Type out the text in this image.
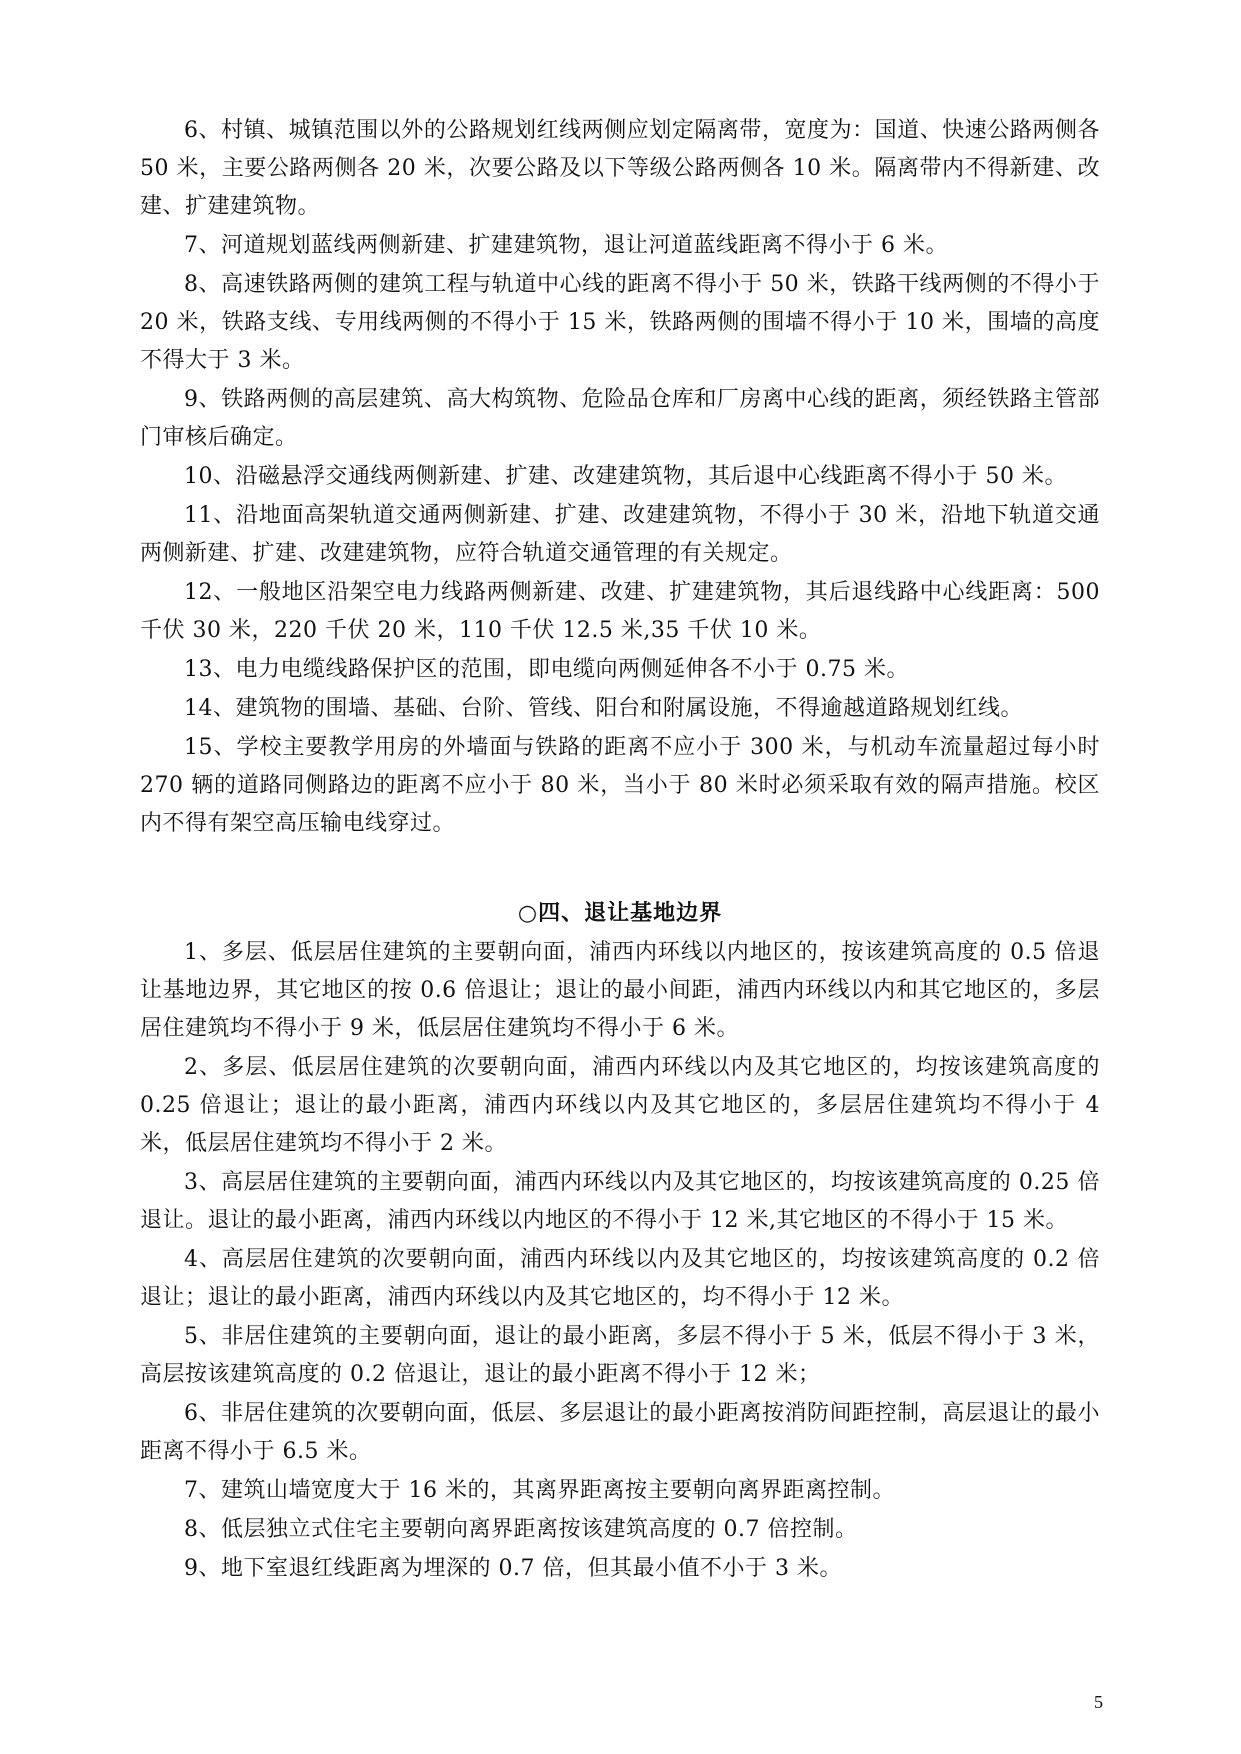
6、村镇、城镇范围以外的公路规划红线两侧应划定隔离带，宽度为：国道、快速公路两侧各 50 米，主要公路两侧各 20 米，次要公路及以下等级公路两侧各 10 米。隔离带内不得新建、改建、扩建建筑物。

7、河道规划蓝线两侧新建、扩建建筑物，退让河道蓝线距离不得小于 6 米。

8、高速铁路两侧的建筑工程与轨道中心线的距离不得小于 50 米，铁路干线两侧的不得小于 20 米，铁路支线、专用线两侧的不得小于 15 米，铁路两侧的围墙不得小于 10 米，围墙的高度不得大于 3 米。

9、铁路两侧的高层建筑、高大构筑物、危险品仓库和厂房离中心线的距离，须经铁路主管部门审核后确定。

10、沿磁悬浮交通线两侧新建、扩建、改建建筑物，其后退中心线距离不得小于 50 米。

11、沿地面高架轨道交通两侧新建、扩建、改建建筑物，不得小于 30 米，沿地下轨道交通两侧新建、扩建、改建建筑物，应符合轨道交通管理的有关规定。

12、一般地区沿架空电力线路两侧新建、改建、扩建建筑物，其后退线路中心线距离：500 千伏 30 米，220 千伏 20 米，110 千伏 12.5 米,35 千伏 10 米。

13、电力电缆线路保护区的范围，即电缆向两侧延伸各不小于 0.75 米。

14、建筑物的围墙、基础、台阶、管线、阳台和附属设施，不得逾越道路规划红线。

15、学校主要教学用房的外墙面与铁路的距离不应小于 300 米，与机动车流量超过每小时 270 辆的道路同侧路边的距离不应小于 80 米，当小于 80 米时必须采取有效的隔声措施。校区内不得有架空高压输电线穿过。

○四、退让基地边界

1、多层、低层居住建筑的主要朝向面，浦西内环线以内地区的，按该建筑高度的 0.5 倍退让基地边界，其它地区的按 0.6 倍退让；退让的最小间距，浦西内环线以内和其它地区的，多层居住建筑均不得小于 9 米，低层居住建筑均不得小于 6 米。

2、多层、低层居住建筑的次要朝向面，浦西内环线以内及其它地区的，均按该建筑高度的 0.25 倍退让；退让的最小距离，浦西内环线以内及其它地区的，多层居住建筑均不得小于 4 米，低层居住建筑均不得小于 2 米。

3、高层居住建筑的主要朝向面，浦西内环线以内及其它地区的，均按该建筑高度的 0.25 倍退让。退让的最小距离，浦西内环线以内地区的不得小于 12 米,其它地区的不得小于 15 米。

4、高层居住建筑的次要朝向面，浦西内环线以内及其它地区的，均按该建筑高度的 0.2 倍退让；退让的最小距离，浦西内环线以内及其它地区的，均不得小于 12 米。

5、非居住建筑的主要朝向面，退让的最小距离，多层不得小于 5 米，低层不得小于 3 米，高层按该建筑高度的 0.2 倍退让，退让的最小距离不得小于 12 米；

6、非居住建筑的次要朝向面，低层、多层退让的最小距离按消防间距控制，高层退让的最小距离不得小于 6.5 米。

7、建筑山墙宽度大于 16 米的，其离界距离按主要朝向离界距离控制。

8、低层独立式住宅主要朝向离界距离按该建筑高度的 0.7 倍控制。

9、地下室退红线距离为埋深的 0.7 倍，但其最小值不小于 3 米。

5
